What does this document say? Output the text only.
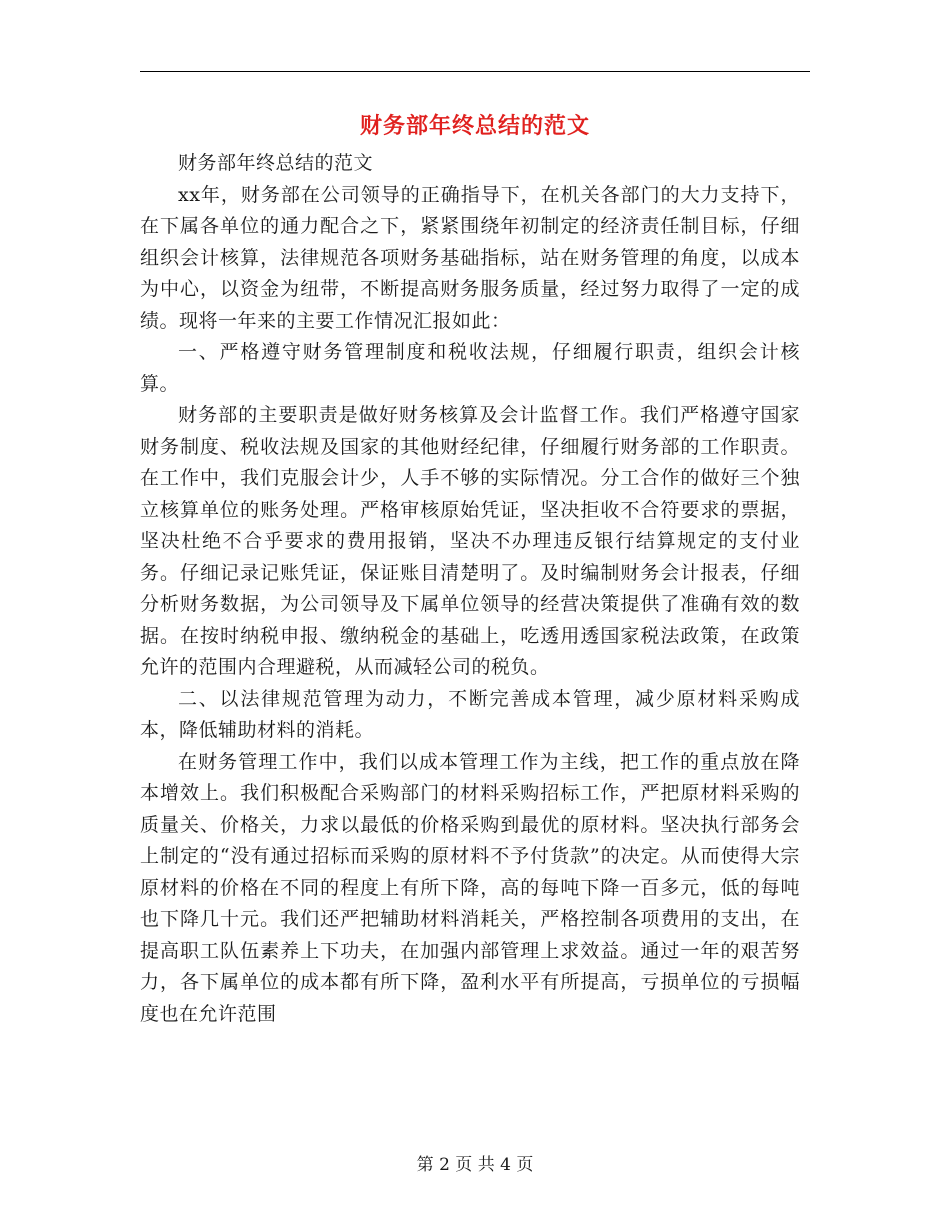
财务部年终总结的范文

财务部年终总结的范文

xx年，财务部在公司领导的正确指导下，在机关各部门的大力支持下，在下属各单位的通力配合之下，紧紧围绕年初制定的经济责任制目标，仔细组织会计核算，法律规范各项财务基础指标，站在财务管理的角度，以成本为中心，以资金为纽带，不断提高财务服务质量，经过努力取得了一定的成绩。现将一年来的主要工作情况汇报如此：

一、严格遵守财务管理制度和税收法规，仔细履行职责，组织会计核算。

财务部的主要职责是做好财务核算及会计监督工作。我们严格遵守国家财务制度、税收法规及国家的其他财经纪律，仔细履行财务部的工作职责。在工作中，我们克服会计少，人手不够的实际情况。分工合作的做好三个独立核算单位的账务处理。严格审核原始凭证，坚决拒收不合符要求的票据，坚决杜绝不合乎要求的费用报销，坚决不办理违反银行结算规定的支付业务。仔细记录记账凭证，保证账目清楚明了。及时编制财务会计报表，仔细分析财务数据，为公司领导及下属单位领导的经营决策提供了准确有效的数据。在按时纳税申报、缴纳税金的基础上，吃透用透国家税法政策，在政策允许的范围内合理避税，从而减轻公司的税负。

二、以法律规范管理为动力，不断完善成本管理，减少原材料采购成本，降低辅助材料的消耗。

在财务管理工作中，我们以成本管理工作为主线，把工作的重点放在降本增效上。我们积极配合采购部门的材料采购招标工作，严把原材料采购的质量关、价格关，力求以最低的价格采购到最优的原材料。坚决执行部务会上制定的“没有通过招标而采购的原材料不予付货款”的决定。从而使得大宗原材料的价格在不同的程度上有所下降，高的每吨下降一百多元，低的每吨也下降几十元。我们还严把辅助材料消耗关，严格控制各项费用的支出，在提高职工队伍素养上下功夫，在加强内部管理上求效益。通过一年的艰苦努力，各下属单位的成本都有所下降，盈利水平有所提高，亏损单位的亏损幅度也在允许范围

第 2 页 共 4 页
